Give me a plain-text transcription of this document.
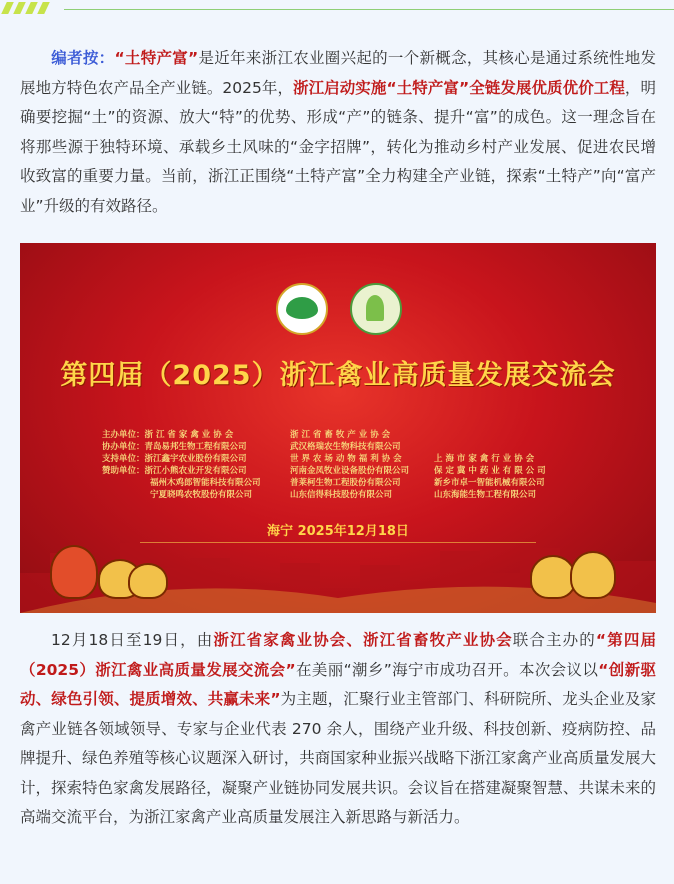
编者按：“土特产富”是近年来浙江农业圈兴起的一个新概念，其核心是通过系统性地发展地方特色农产品全产业链。2025年，浙江启动实施“土特产富”全链发展优质优价工程，明确要挖掘“土”的资源、放大“特”的优势、形成“产”的链条、提升“富”的成色。这一理念旨在将那些源于独特环境、承载乡土风味的“金字招牌”，转化为推动乡村产业发展、促进农民增收致富的重要力量。当前，浙江正围绕“土特产富”全力构建全产业链，探索“土特产”向“富产业”升级的有效路径。

第四届（2025）浙江禽业高质量发展交流会
主办单位：浙 江 省 家 禽 业 协 会
协办单位：青岛易邦生物工程有限公司
支持单位：浙江鑫宇农业股份有限公司
赞助单位：浙江小熊农业开发有限公司
福州木鸡郎智能科技有限公司
宁夏晓鸣农牧股份有限公司
浙 江 省 畜 牧 产 业 协 会
武汉格瑞农生物科技有限公司
世 界 农 场 动 物 福 利 协 会
河南金凤牧业设备股份有限公司
普莱柯生物工程股份有限公司
山东信得科技股份有限公司

上 海 市 家 禽 行 业 协 会
保 定 冀 中 药 业 有 限 公 司
新乡市卓一智能机械有限公司
山东海能生物工程有限公司
海宁 2025年12月18日

12月18日至19日，由浙江省家禽业协会、浙江省畜牧产业协会联合主办的“第四届（2025）浙江禽业高质量发展交流会”在美丽“潮乡”海宁市成功召开。本次会议以“创新驱动、绿色引领、提质增效、共赢未来”为主题，汇聚行业主管部门、科研院所、龙头企业及家禽产业链各领域领导、专家与企业代表 270 余人，围绕产业升级、科技创新、疫病防控、品牌提升、绿色养殖等核心议题深入研讨，共商国家种业振兴战略下浙江家禽产业高质量发展大计，探索特色家禽发展路径，凝聚产业链协同发展共识。会议旨在搭建凝聚智慧、共谋未来的高端交流平台，为浙江家禽产业高质量发展注入新思路与新活力。
